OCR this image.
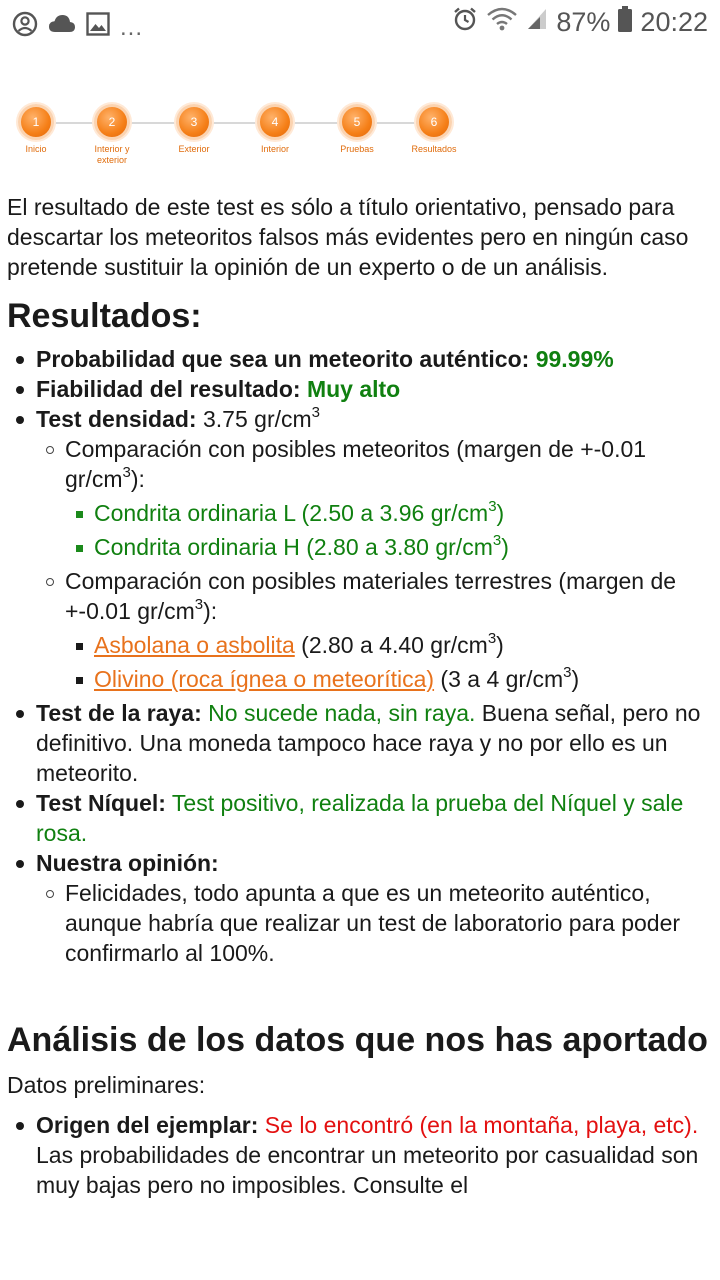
...	87% 20:22
1
Inicio
2
Interior y exterior
3
Exterior
4
Interior
5
Pruebas
6
Resultados

El resultado de este test es sólo a título orientativo, pensado para descartar los meteoritos falsos más evidentes pero en ningún caso pretende sustituir la opinión de un experto o de un análisis.

Resultados:
Probabilidad que sea un meteorito auténtico: 99.99%
Fiabilidad del resultado: Muy alto
Test densidad: 3.75 $gr/cm^3$
Comparación con posibles meteoritos (margen de +-0.01 $gr/cm^3$):
Condrita ordinaria L (2.50 a 3.96 $gr/cm^3$)
Condrita ordinaria H (2.80 a 3.80 $gr/cm^3$)
Comparación con posibles materiales terrestres (margen de +-0.01 $gr/cm^3$):
Asbolana o asbolita (2.80 a 4.40 $gr/cm^3$)
Olivino (roca ígnea o meteorítica) (3 a 4 $gr/cm^3$)
Test de la raya: No sucede nada, sin raya. Buena señal, pero no definitivo. Una moneda tampoco hace raya y no por ello es un meteorito.
Test Níquel: Test positivo, realizada la prueba del Níquel y sale rosa.
Nuestra opinión:
Felicidades, todo apunta a que es un meteorito auténtico, aunque habría que realizar un test de laboratorio para poder confirmarlo al 100%.
Análisis de los datos que nos has aportado

Datos preliminares:

Origen del ejemplar: Se lo encontró (en la montaña, playa, etc). Las probabilidades de encontrar un meteorito por casualidad son muy bajas pero no imposibles. Consulte el
